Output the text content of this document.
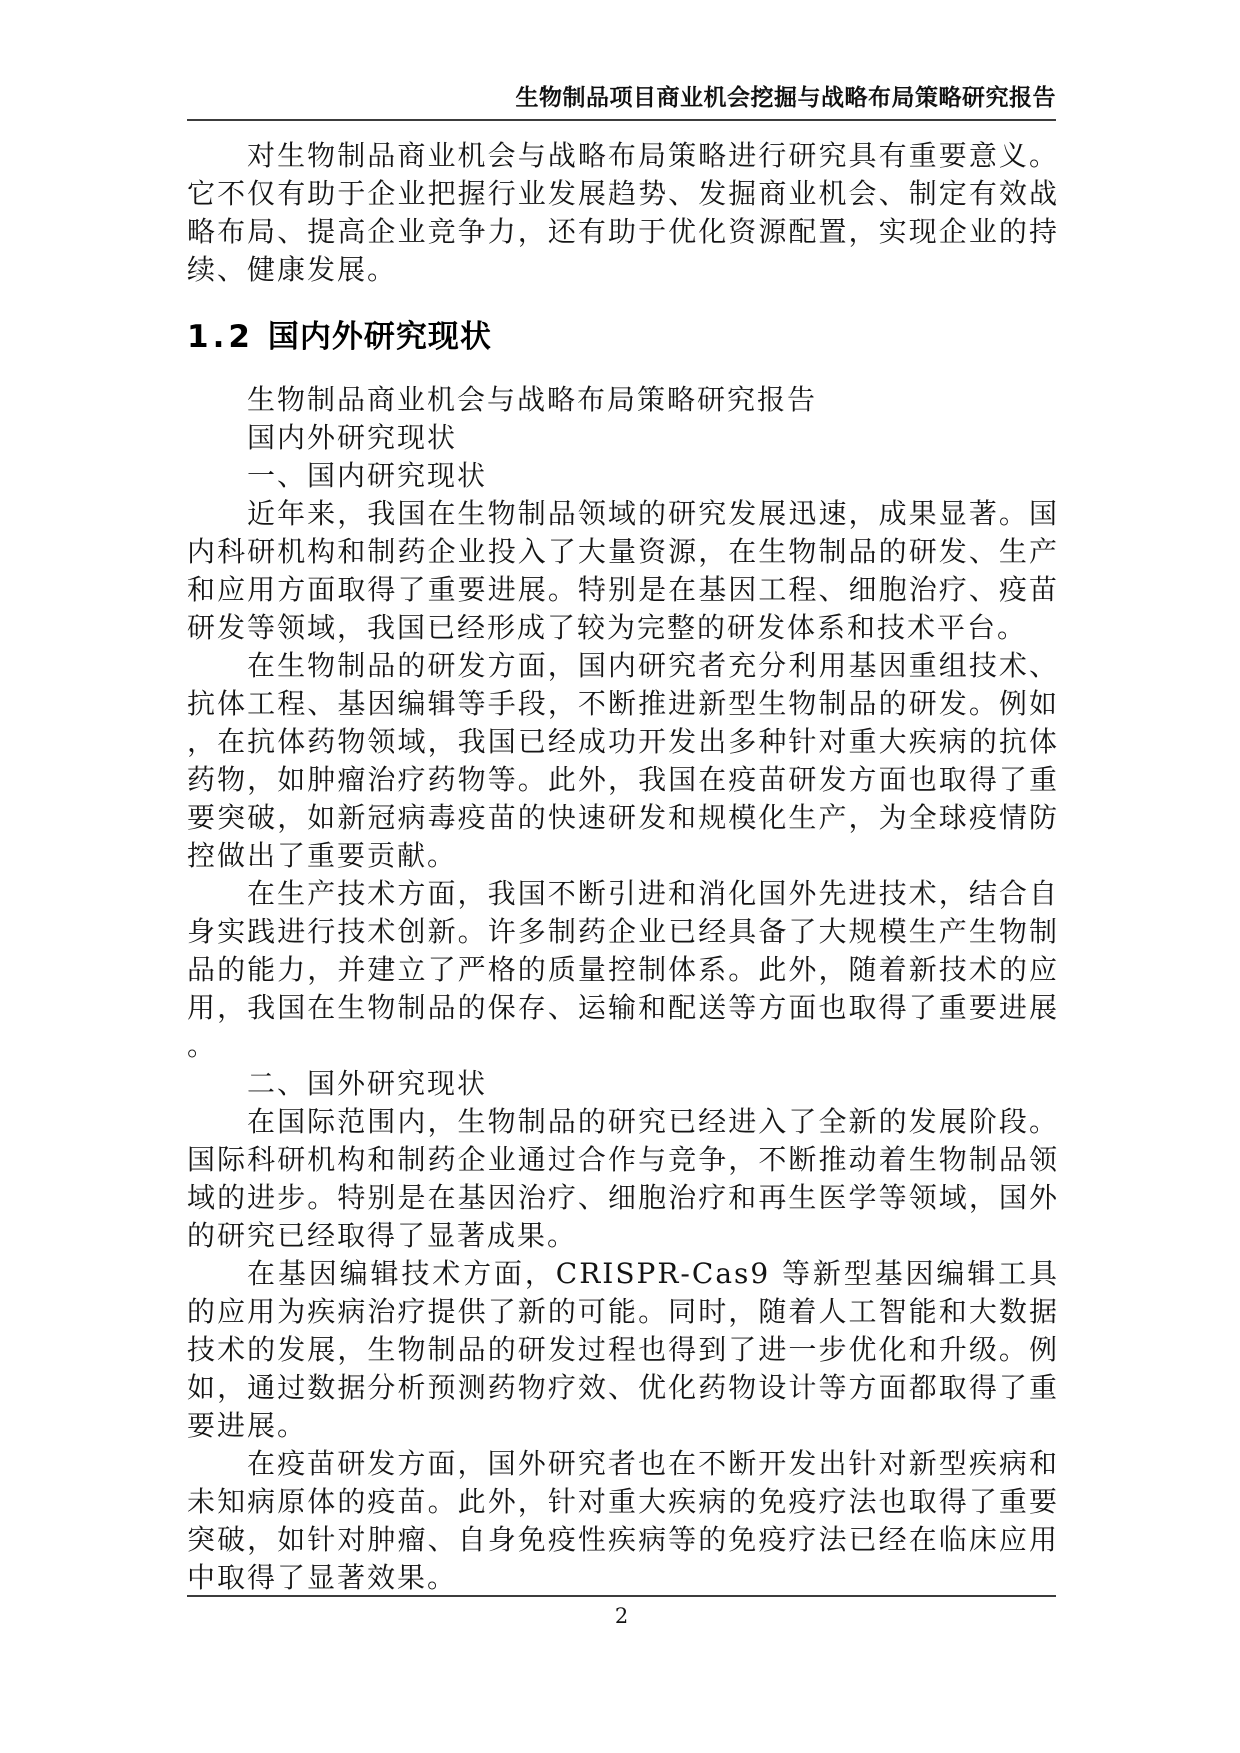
生物制品项目商业机会挖掘与战略布局策略研究报告

对生物制品商业机会与战略布局策略进行研究具有重要意义。它不仅有助于企业把握行业发展趋势、发掘商业机会、制定有效战略布局、提高企业竞争力，还有助于优化资源配置，实现企业的持续、健康发展。

1.2 国内外研究现状

生物制品商业机会与战略布局策略研究报告

国内外研究现状

一、国内研究现状

近年来，我国在生物制品领域的研究发展迅速，成果显著。国内科研机构和制药企业投入了大量资源，在生物制品的研发、生产和应用方面取得了重要进展。特别是在基因工程、细胞治疗、疫苗研发等领域，我国已经形成了较为完整的研发体系和技术平台。

在生物制品的研发方面，国内研究者充分利用基因重组技术、抗体工程、基因编辑等手段，不断推进新型生物制品的研发。例如，在抗体药物领域，我国已经成功开发出多种针对重大疾病的抗体药物，如肿瘤治疗药物等。此外，我国在疫苗研发方面也取得了重要突破，如新冠病毒疫苗的快速研发和规模化生产，为全球疫情防控做出了重要贡献。

在生产技术方面，我国不断引进和消化国外先进技术，结合自身实践进行技术创新。许多制药企业已经具备了大规模生产生物制品的能力，并建立了严格的质量控制体系。此外，随着新技术的应用，我国在生物制品的保存、运输和配送等方面也取得了重要进展。

二、国外研究现状

在国际范围内，生物制品的研究已经进入了全新的发展阶段。国际科研机构和制药企业通过合作与竞争，不断推动着生物制品领域的进步。特别是在基因治疗、细胞治疗和再生医学等领域，国外的研究已经取得了显著成果。

在基因编辑技术方面，CRISPR-Cas9 等新型基因编辑工具的应用为疾病治疗提供了新的可能。同时，随着人工智能和大数据技术的发展，生物制品的研发过程也得到了进一步优化和升级。例如，通过数据分析预测药物疗效、优化药物设计等方面都取得了重要进展。

在疫苗研发方面，国外研究者也在不断开发出针对新型疾病和未知病原体的疫苗。此外，针对重大疾病的免疫疗法也取得了重要突破，如针对肿瘤、自身免疫性疾病等的免疫疗法已经在临床应用中取得了显著效果。

2
